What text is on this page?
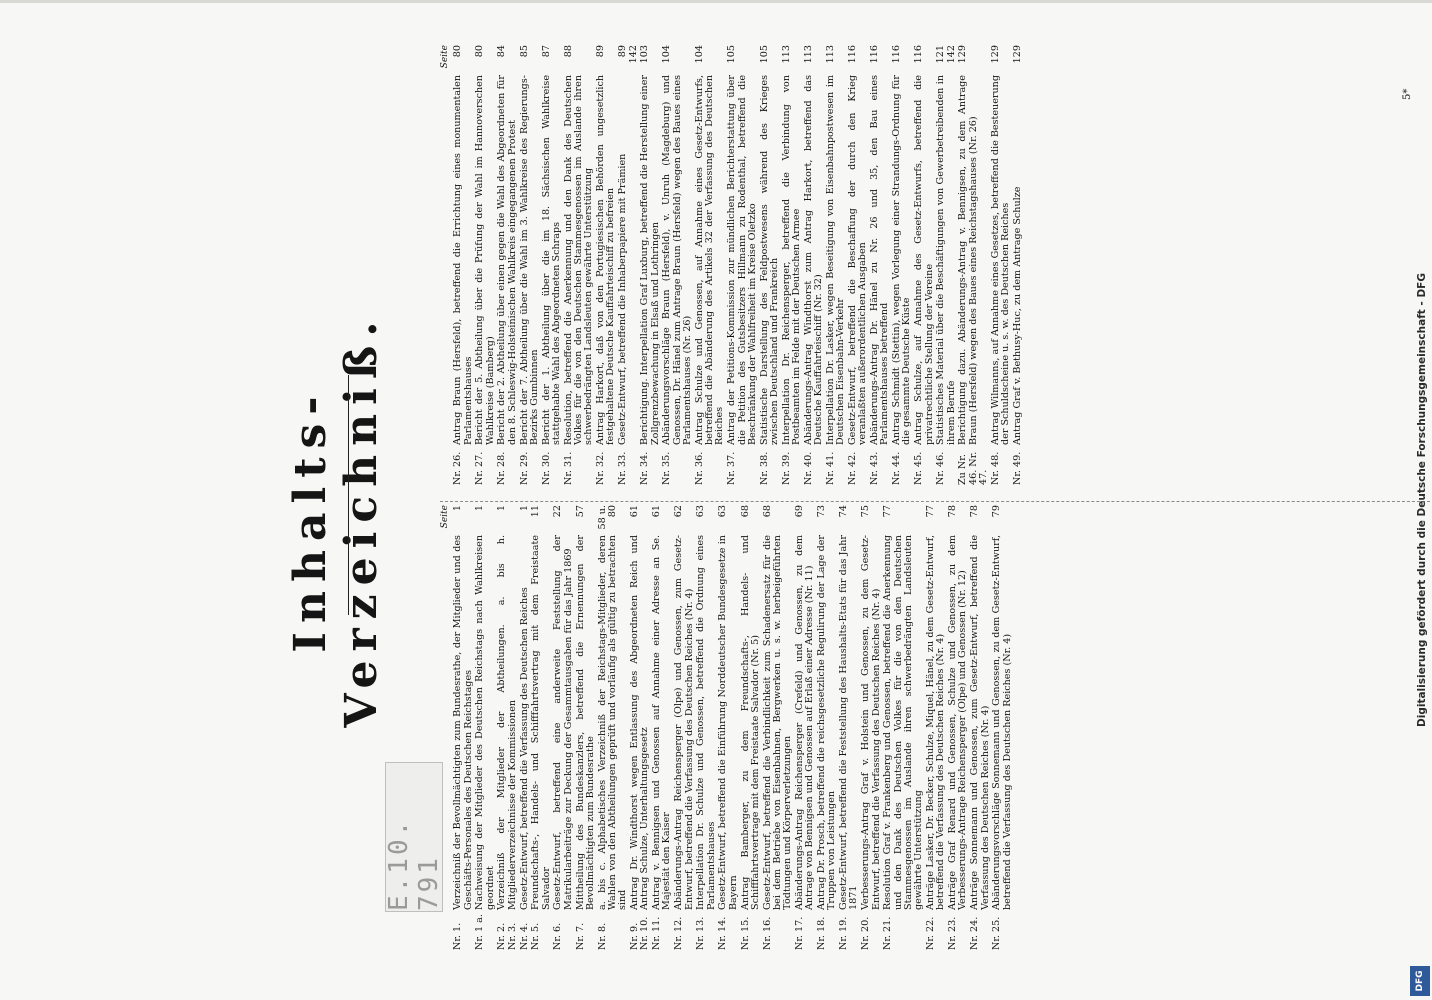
E.10. 791
Inhalts-Verzeichniß.	Seite
Nr. 1.
Verzeichniß der Bevollmächtigten zum Bundesrathe, der Mitglieder und des Geschäfts-Personales des Deutschen Reichstages
1
Nr. 1 a.
Nachweisung der Mitglieder des Deutschen Reichstags nach Wahlkreisen geordnet
1
Nr. 2. Nr. 3.
Verzeichniß der Mitglieder der Abtheilungen. a. bis h. Mitgliederverzeichnisse der Kommissionen
1
Nr. 4.
Gesetz-Entwurf, betreffend die Verfassung des Deutschen Reiches
1
Nr. 5.
Freundschafts-, Handels- und Schifffahrtsvertrag mit dem Freistaate Salvador
11
Nr. 6.
Gesetz-Entwurf, betreffend eine anderweite Feststellung der Matrikularbeiträge zur Deckung der Gesammtausgaben für das Jahr 1869
22
Nr. 7.
Mittheilung des Bundeskanzlers, betreffend die Ernennungen der Bevollmächtigten zum Bundesrathe
57
Nr. 8.
a. bis c. Alphabetisches Verzeichniß der Reichstags-Mitglieder, deren Wahlen von den Abtheilungen geprüft und vorläufig als gültig zu betrachten sind
58 u. 80
Nr. 9. Nr. 10.
Antrag Dr. Windthorst wegen Entlassung des Abgeordneten Reich und Antrag Schulze, Unterhaltungsgesetz
61
Nr. 11.
Antrag v. Bennigsen und Genossen auf Annahme einer Adresse an Se. Majestät den Kaiser
61
Nr. 12.
Abänderungs-Antrag Reichensperger (Olpe) und Genossen, zum Gesetz-Entwurf, betreffend die Verfassung des Deutschen Reiches (Nr. 4)
62
Nr. 13.
Interpellation Dr. Schulze und Genossen, betreffend die Ordnung eines Parlamentshauses
63
Nr. 14.
Gesetz-Entwurf, betreffend die Einführung Norddeutscher Bundesgesetze in Bayern
63
Nr. 15.
Antrag Bamberger, zu dem Freundschafts-, Handels- und Schifffahrtsvertrage mit dem Freistaate Salvador (Nr. 5)
68
Nr. 16.
Gesetz-Entwurf, betreffend die Verbindlichkeit zum Schadenersatz für die bei dem Betriebe von Eisenbahnen, Bergwerken u. s. w. herbeigeführten Tödtungen und Körperverletzungen
68
Nr. 17.
Abänderungs-Antrag Reichensperger (Crefeld) und Genossen, zu dem Antrage von Bennigsen und Genossen auf Erlaß einer Adresse (Nr. 11)
69
Nr. 18.
Antrag Dr. Prosch, betreffend die reichsgesetzliche Regulirung der Lage der Truppen von Leistungen
73
Nr. 19.
Gesetz-Entwurf, betreffend die Feststellung des Haushalts-Etats für das Jahr 1871
74
Nr. 20.
Verbesserungs-Antrag Graf v. Holstein und Genossen, zu dem Gesetz-Entwurf, betreffend die Verfassung des Deutschen Reiches (Nr. 4)
75
Nr. 21.
Resolution Graf v. Frankenberg und Genossen, betreffend die Anerkennung und den Dank des Deutschen Volkes für die von den Deutschen Stammesgenossen im Auslande ihren schwerbedrängten Landsleuten gewährte Unterstützung
77
Nr. 22.
Anträge Lasker, Dr. Becker, Schulze, Miquel, Hänel, zu dem Gesetz-Entwurf, betreffend die Verfassung des Deutschen Reiches (Nr. 4)
77
Nr. 23.
Anträge Graf Renard und Genossen, Schulze und Genossen, zu dem Verbesserungs-Antrage Reichensperger (Olpe) und Genossen (Nr. 12)
78
Nr. 24.
Anträge Sonnemann und Genossen, zum Gesetz-Entwurf, betreffend die Verfassung des Deutschen Reiches (Nr. 4)
78
Nr. 25.
Abänderungsvorschläge Sonnemann und Genossen, zu dem Gesetz-Entwurf, betreffend die Verfassung des Deutschen Reiches (Nr. 4)
79
Seite
Nr. 26.
Antrag Braun (Hersfeld), betreffend die Errichtung eines monumentalen Parlamentshauses
80
Nr. 27.
Bericht der 5. Abtheilung über die Prüfung der Wahl im Hannoverschen Wahlkreise (Bamberg)
80
Nr. 28.
Bericht der 2. Abtheilung über einen gegen die Wahl des Abgeordneten für den 8. Schleswig-Holsteinischen Wahlkreis eingegangenen Protest
84
Nr. 29.
Bericht der 7. Abtheilung über die Wahl im 3. Wahlkreise des Regierungs-Bezirks Gumbinnen
85
Nr. 30.
Bericht der 1. Abtheilung über die im 18. Sächsischen Wahlkreise stattgehabte Wahl des Abgeordneten Schraps
87
Nr. 31.
Resolution, betreffend die Anerkennung und den Dank des Deutschen Volkes für die von den Deutschen Stammesgenossen im Auslande ihren schwerbedrängten Landsleuten gewährte Unterstützung
88
Nr. 32.
Antrag Harkort, daß von den Portugiesischen Behörden ungesetzlich festgehaltene Deutsche Kauffahrteischiff zu befreien
89
Nr. 33.
Gesetz-Entwurf, betreffend die Inhaberpapiere mit Prämien
89 142
Nr. 34.
Berichtigung. Interpellation Graf Luxburg, betreffend die Herstellung einer Zollgrenzbewachung in Elsaß und Lothringen
103
Nr. 35.
Abänderungsvorschläge Braun (Hersfeld), v. Unruh (Magdeburg) und Genossen, Dr. Hänel zum Antrage Braun (Hersfeld) wegen des Baues eines Parlamentshauses (Nr. 26)
104
Nr. 36.
Antrag Schulze und Genossen, auf Annahme eines Gesetz-Entwurfs, betreffend die Abänderung des Artikels 32 der Verfassung des Deutschen Reiches
104
Nr. 37.
Antrag der Petitions-Kommission zur mündlichen Berichterstattung über die Petition des Gutsbesitzers Hillmann zu Rodenthal, betreffend die Beschränkung der Wahlfreiheit im Kreise Oletzko
105
Nr. 38.
Statistische Darstellung des Feldpostwesens während des Krieges zwischen Deutschland und Frankreich
105
Nr. 39.
Interpellation Dr. Reichensperger, betreffend die Verbindung von Postbeamten im Felde mit der Deutschen Armee
113
Nr. 40.
Abänderungs-Antrag Windthorst zum Antrag Harkort, betreffend das Deutsche Kauffahrteischiff (Nr. 32)
113
Nr. 41.
Interpellation Dr. Lasker, wegen Beseitigung von Eisenbahnpostwesen im Deutschen Eisenbahn-Verkehr
113
Nr. 42.
Gesetz-Entwurf, betreffend die Beschaffung der durch den Krieg veranlaßten außerordentlichen Ausgaben
116
Nr. 43.
Abänderungs-Antrag Dr. Hänel zu Nr. 26 und 35, den Bau eines Parlamentshauses betreffend
116
Nr. 44.
Antrag Schmidt (Stettin), wegen Vorlegung einer Strandungs-Ordnung für die gesammte Deutsche Küste
116
Nr. 45.
Antrag Schulze, auf Annahme des Gesetz-Entwurfs, betreffend die privatrechtliche Stellung der Vereine
116
Nr. 46.
Statistisches Material über die Beschäftigungen von Gewerbetreibenden in ihrem Berufe
121 142
Zu Nr. 46. Nr. 47.
Berichtigung dazu. Abänderungs-Antrag v. Bennigsen, zu dem Antrage Braun (Hersfeld) wegen des Baues eines Reichstagshauses (Nr. 26)
129
Nr. 48.
Antrag Wilmanns, auf Annahme eines Gesetzes, betreffend die Besteuerung der Schuldscheine u. s. w. des Deutschen Reiches
129
Nr. 49.
Antrag Graf v. Bethusy-Huc, zu dem Antrage Schulze
129
5*
Digitalisierung gefördert durch die Deutsche Forschungsgemeinschaft - DFG
DFG
